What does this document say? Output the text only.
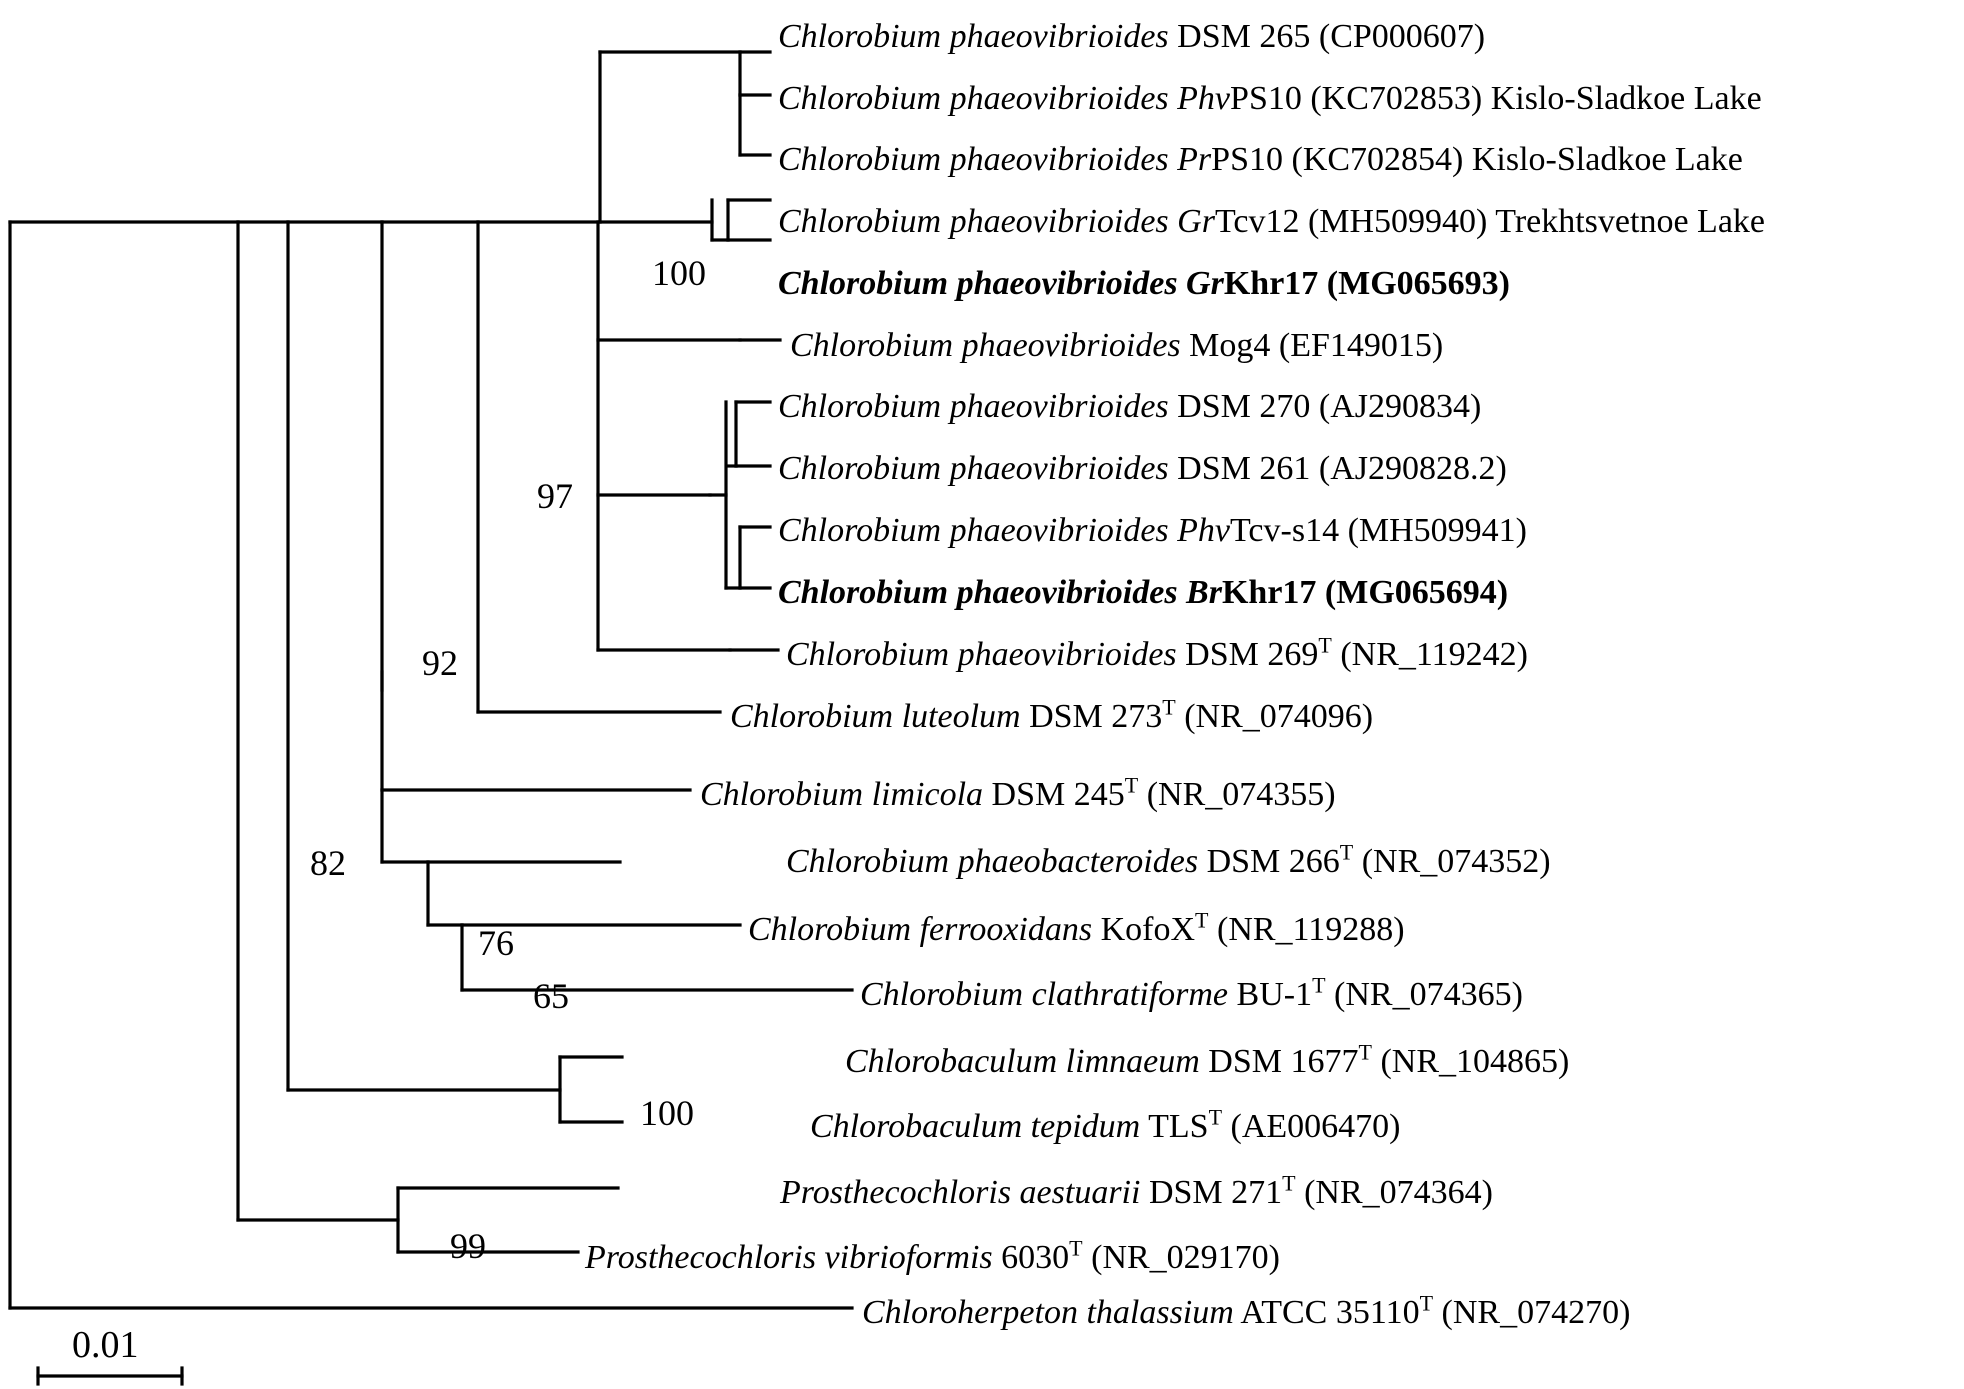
Chlorobium phaeovibrioides DSM 265 (CP000607)
Chlorobium phaeovibrioides PhvPS10 (KC702853) Kislo-Sladkoe Lake
Chlorobium phaeovibrioides PrPS10 (KC702854) Kislo-Sladkoe Lake
Chlorobium phaeovibrioides GrTcv12 (MH509940) Trekhtsvetnoe Lake
Chlorobium phaeovibrioides GrKhr17 (MG065693)
Chlorobium phaeovibrioides Mog4 (EF149015)
Chlorobium phaeovibrioides DSM 270 (AJ290834)
Chlorobium phaeovibrioides DSM 261 (AJ290828.2)
Chlorobium phaeovibrioides PhvTcv-s14 (MH509941)
Chlorobium phaeovibrioides BrKhr17 (MG065694)
Chlorobium phaeovibrioides DSM $269^T$ (NR_119242)
Chlorobium luteolum DSM $273^T$ (NR_074096)
Chlorobium limicola DSM $245^T$ (NR_074355)
Chlorobium phaeobacteroides DSM $266^T$ (NR_074352)
Chlorobium ferrooxidans KofoX$^T$ (NR_119288)
Chlorobium clathratiforme $BU-1^T$ (NR_074365)
Chlorobaculum limnaeum DSM $1677^T$ (NR_104865)
Chlorobaculum tepidum $TLS^T$ (AE006470)
Prosthecochloris aestuarii DSM $271^T$ (NR_074364)
Prosthecochloris vibrioformis $6030^T$ (NR_029170)
Chloroherpeton thalassium ATCC $35110^T$ (NR_074270)
100
97
92
82
76
65
100
99
0.01
